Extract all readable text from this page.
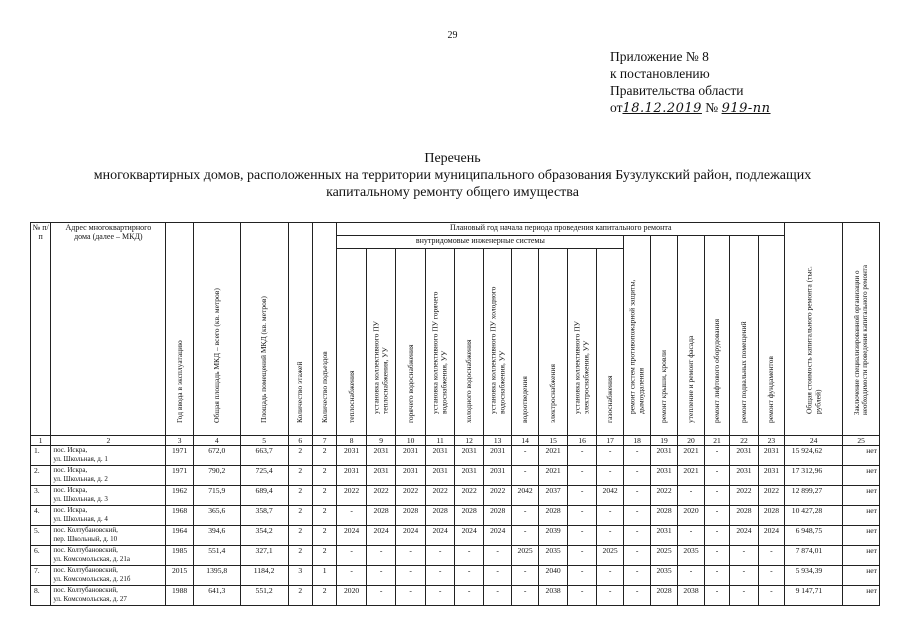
29
Приложение № 8
к постановлению
Правительства области
от18.12.2019 № 919-пп
Перечень
многоквартирных домов, расположенных на территории муниципального образования Бузулукский район, подлежащих
капитальному ремонту общего имущества
№ п/п	Адрес многоквартирного дома (далее – МКД)	Год ввода в эксплуатацию	Общая площадь МКД – всего (кв. метров)	Площадь помещений МКД (кв. метров)	Количество этажей	Количество подъездов	Плановый год начала периода проведения капитального ремонта																Общая стоимость капитального ремонта (тыс. рублей)	Заключение специализированной организации о необходимости проведения капитального ремонта

							внутридомовые инженерные системы										ремонт систем противопожарной защиты, дымоудаления	ремонт крыши, кровли	утепление и ремонт фасада	ремонт лифтового оборудования	ремонт подвальных помещений	ремонт фундаментов		

							теплоснабжения	установка коллективного ПУ теплоснабжения, УУ	горячего водоснабжения	установка коллективного ПУ горячего водоснабжения, УУ	холодного водоснабжения	установка коллективного ПУ холодного водоснабжения, УУ	водоотведения	электроснабжения	установка коллективного ПУ электроснабжения, УУ	газоснабжения								

1	2	3	4	5	6	7	8	9	10	11	12	13	14	15	16	17	18	19	20	21	22	23	24	25
1.	пос. Искра,
ул. Школьная, д. 1	1971	672,0	663,7	2	2	2031	2031	2031	2031	2031	2031	-	2021	-	-	-	2031	2021	-	2031	2031	15 924,62	нет
2.	пос. Искра,
ул. Школьная, д. 2	1971	790,2	725,4	2	2	2031	2031	2031	2031	2031	2031	-	2021	-	-	-	2031	2021	-	2031	2031	17 312,96	нет
3.	пос. Искра,
ул. Школьная, д. 3	1962	715,9	689,4	2	2	2022	2022	2022	2022	2022	2022	2042	2037	-	2042	-	2022	-	-	2022	2022	12 899,27	нет
4.	пос. Искра,
ул. Школьная, д. 4	1968	365,6	358,7	2	2	-	2028	2028	2028	2028	2028	-	2028	-	-	-	2028	2020	-	2028	2028	10 427,28	нет
5.	пос. Колтубановский,
пер. Школьный, д. 10	1964	394,6	354,2	2	2	2024	2024	2024	2024	2024	2024	-	2039	-	-	-	2031	-	-	2024	2024	6 948,75	нет
6.	пос. Колтубановский,
ул. Комсомольская, д. 21а	1985	551,4	327,1	2	2	-	-	-	-	-	-	2025	2035	-	2025	-	2025	2035	-	-	-	7 874,01	нет
7.	пос. Колтубановский,
ул. Комсомольская, д. 21б	2015	1395,8	1184,2	3	1	-	-	-	-	-	-	-	2040	-	-	-	2035	-	-	-	-	5 934,39	нет
8.	пос. Колтубановский,
ул. Комсомольская, д. 27	1988	641,3	551,2	2	2	2020	-	-	-	-	-	-	2038	-	-	-	2028	2038	-	-	-	9 147,71	нет
